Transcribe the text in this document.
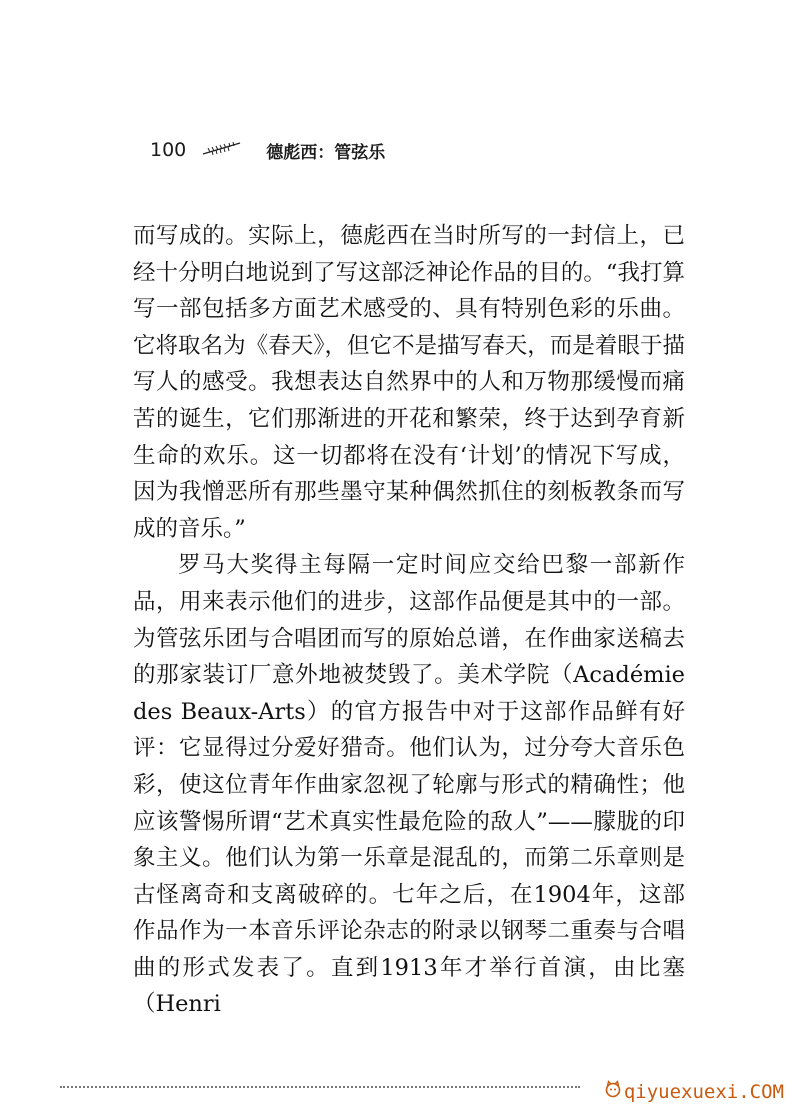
100	德彪西：管弦乐

而写成的。实际上，德彪西在当时所写的一封信上，已经十分明白地说到了写这部泛神论作品的目的。“我打算写一部包括多方面艺术感受的、具有特别色彩的乐曲。它将取名为《春天》，但它不是描写春天，而是着眼于描写人的感受。我想表达自然界中的人和万物那缓慢而痛苦的诞生，它们那渐进的开花和繁荣，终于达到孕育新生命的欢乐。这一切都将在没有‘计划’的情况下写成，因为我憎恶所有那些墨守某种偶然抓住的刻板教条而写成的音乐。”

罗马大奖得主每隔一定时间应交给巴黎一部新作品，用来表示他们的进步，这部作品便是其中的一部。为管弦乐团与合唱团而写的原始总谱，在作曲家送稿去的那家装订厂意外地被焚毁了。美术学院（Académie des Beaux-Arts）的官方报告中对于这部作品鲜有好评：它显得过分爱好猎奇。他们认为，过分夸大音乐色彩，使这位青年作曲家忽视了轮廓与形式的精确性；他应该警惕所谓“艺术真实性最危险的敌人”——朦胧的印象主义。他们认为第一乐章是混乱的，而第二乐章则是古怪离奇和支离破碎的。七年之后，在1904年，这部作品作为一本音乐评论杂志的附录以钢琴二重奏与合唱曲的形式发表了。直到1913年才举行首演，由比塞（Henri

qiyuexuexi.COM
